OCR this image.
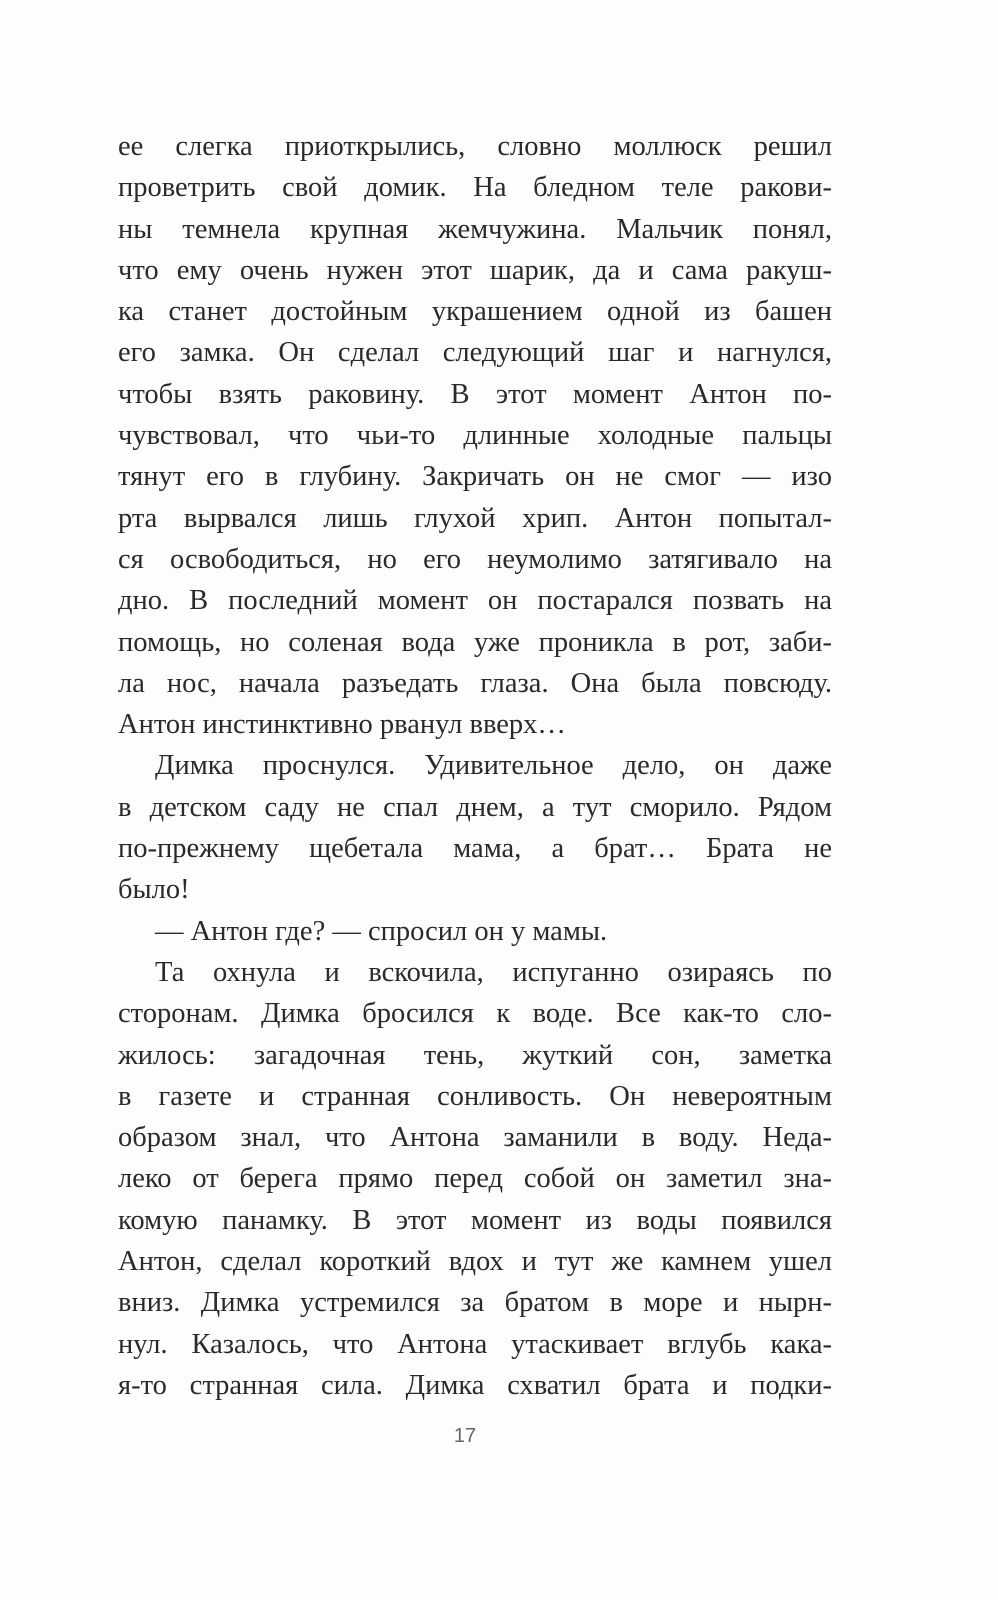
ее слегка приоткрылись, словно моллюск решил
проветрить свой домик. На бледном теле ракови-
ны темнела крупная жемчужина. Мальчик понял,
что ему очень нужен этот шарик, да и сама ракуш-
ка станет достойным украшением одной из башен
его замка. Он сделал следующий шаг и нагнулся,
чтобы взять раковину. В этот момент Антон по-
чувствовал, что чьи-то длинные холодные пальцы
тянут его в глубину. Закричать он не смог — изо
рта вырвался лишь глухой хрип. Антон попытал-
ся освободиться, но его неумолимо затягивало на
дно. В последний момент он постарался позвать на
помощь, но соленая вода уже проникла в рот, заби-
ла нос, начала разъедать глаза. Она была повсюду.
Антон инстинктивно рванул вверх…
Димка проснулся. Удивительное дело, он даже
в детском саду не спал днем, а тут сморило. Рядом
по-прежнему щебетала мама, а брат… Брата не
было!
— Антон где? — спросил он у мамы.
Та охнула и вскочила, испуганно озираясь по
сторонам. Димка бросился к воде. Все как-то сло-
жилось: загадочная тень, жуткий сон, заметка
в газете и странная сонливость. Он невероятным
образом знал, что Антона заманили в воду. Неда-
леко от берега прямо перед собой он заметил зна-
комую панамку. В этот момент из воды появился
Антон, сделал короткий вдох и тут же камнем ушел
вниз. Димка устремился за братом в море и нырн-
нул. Казалось, что Антона утаскивает вглубь кака-
я-то странная сила. Димка схватил брата и подки-
17
